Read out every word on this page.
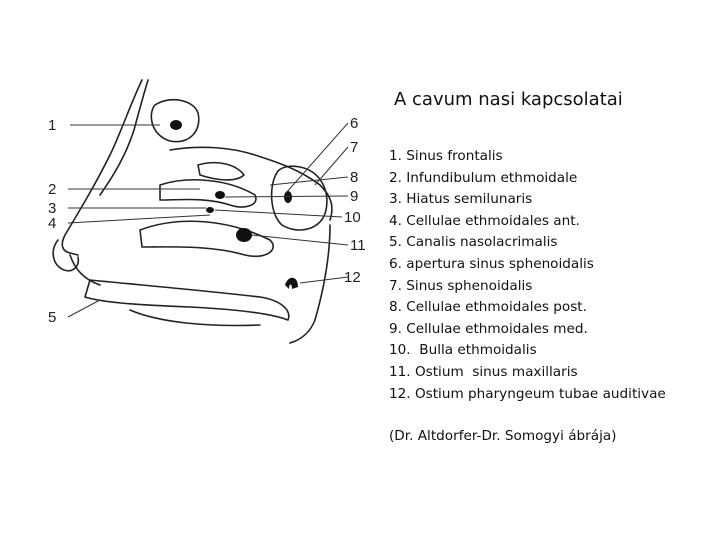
1
2
3
4
5
6
7
8
9
10
11
12
A cavum nasi kapcsolatai
1. Sinus frontalis
2. Infundibulum ethmoidale
3. Hiatus semilunaris
4. Cellulae ethmoidales ant.
5. Canalis nasolacrimalis
6. apertura sinus sphenoidalis
7. Sinus sphenoidalis
8. Cellulae ethmoidales post.
9. Cellulae ethmoidales med.
10.  Bulla ethmoidalis
11. Ostium  sinus maxillaris
12. Ostium pharyngeum tubae auditivae

(Dr. Altdorfer-Dr. Somogyi ábrája)
